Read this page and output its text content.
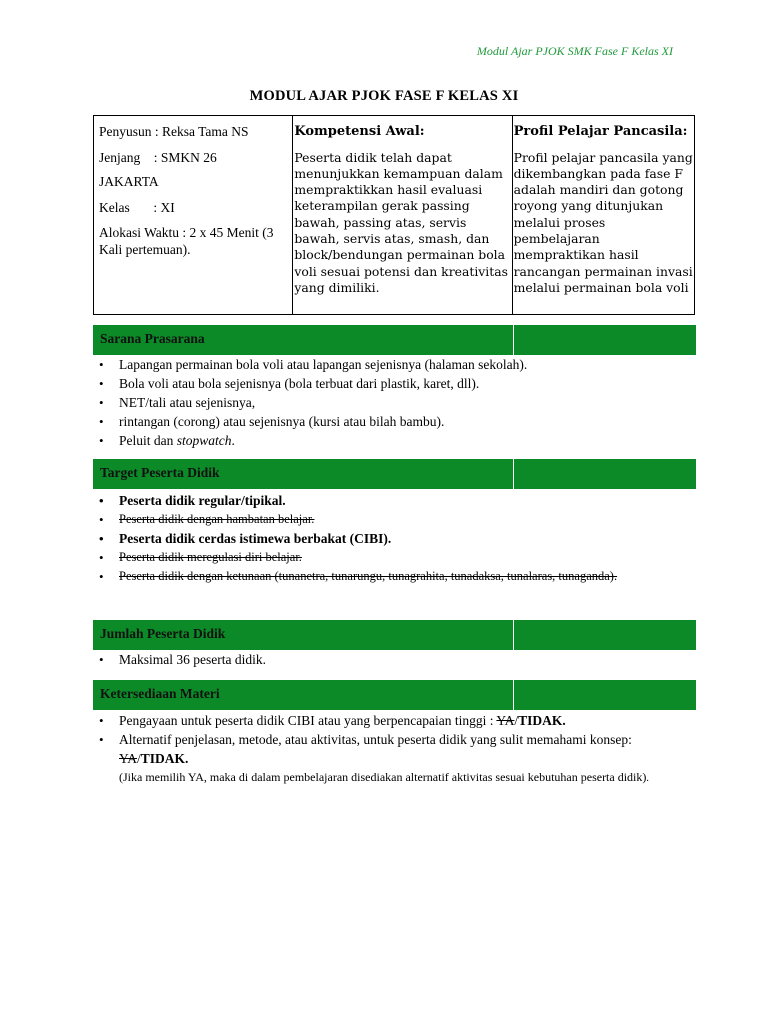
Modul Ajar PJOK SMK Fase F Kelas XI
MODUL AJAR PJOK FASE F KELAS XI

Penyusun : Reksa Tama NS

Jenjang    : SMKN 26
JAKARTA

Kelas       : XI

Alokasi Waktu : 2 x 45 Menit (3 Kali pertemuan).

Kompetensi Awal:
Peserta didik telah dapat menunjukkan kemampuan dalam mempraktikkan hasil evaluasi keterampilan gerak passing bawah, passing atas, servis bawah, servis atas, smash, dan block/bendungan permainan bola voli sesuai potensi dan kreativitas yang dimiliki.
Profil Pelajar Pancasila:
Profil pelajar pancasila yang dikembangkan pada fase F adalah mandiri dan gotong royong yang ditunjukan melalui proses pembelajaran mempraktikan hasil rancangan permainan invasi melalui permainan bola voli
Sarana Prasarana
• Lapangan permainan bola voli atau lapangan sejenisnya (halaman sekolah).
• Bola voli atau bola sejenisnya (bola terbuat dari plastik, karet, dll).
• NET/tali atau sejenisnya,
• rintangan (corong) atau sejenisnya (kursi atau bilah bambu).
• Peluit dan stopwatch.
Target Peserta Didik
• Peserta didik regular/tipikal.
• Peserta didik dengan hambatan belajar.
• Peserta didik cerdas istimewa berbakat (CIBI).
• Peserta didik meregulasi diri belajar.
• Peserta didik dengan ketunaan (tunanetra, tunarungu, tunagrahita, tunadaksa, tunalaras, tunaganda).
Jumlah Peserta Didik
• Maksimal 36 peserta didik.
Ketersediaan Materi
• Pengayaan untuk peserta didik CIBI atau yang berpencapaian tinggi : YA/TIDAK.
• Alternatif penjelasan, metode, atau aktivitas, untuk peserta didik yang sulit memahami konsep: YA/TIDAK.
(Jika memilih YA, maka di dalam pembelajaran disediakan alternatif aktivitas sesuai kebutuhan peserta didik).
